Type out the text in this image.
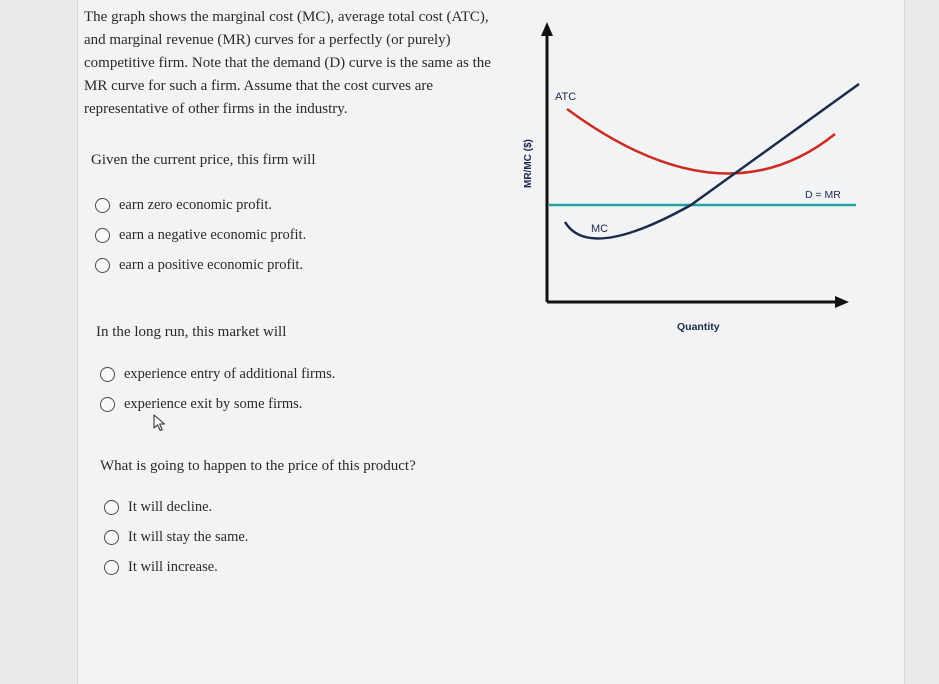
The graph shows the marginal cost (MC), average total cost (ATC), and marginal revenue (MR) curves for a perfectly (or purely) competitive firm. Note that the demand (D) curve is the same as the MR curve for such a firm. Assume that the cost curves are representative of other firms in the industry.

Given the current price, this firm will

earn zero economic profit.
earn a negative economic profit.
earn a positive economic profit.

In the long run, this market will

experience entry of additional firms.
experience exit by some firms.

What is going to happen to the price of this product?

It will decline.
It will stay the same.
It will increase.
ATC
MC
D = MR
Quantity
MR/MC ($)
